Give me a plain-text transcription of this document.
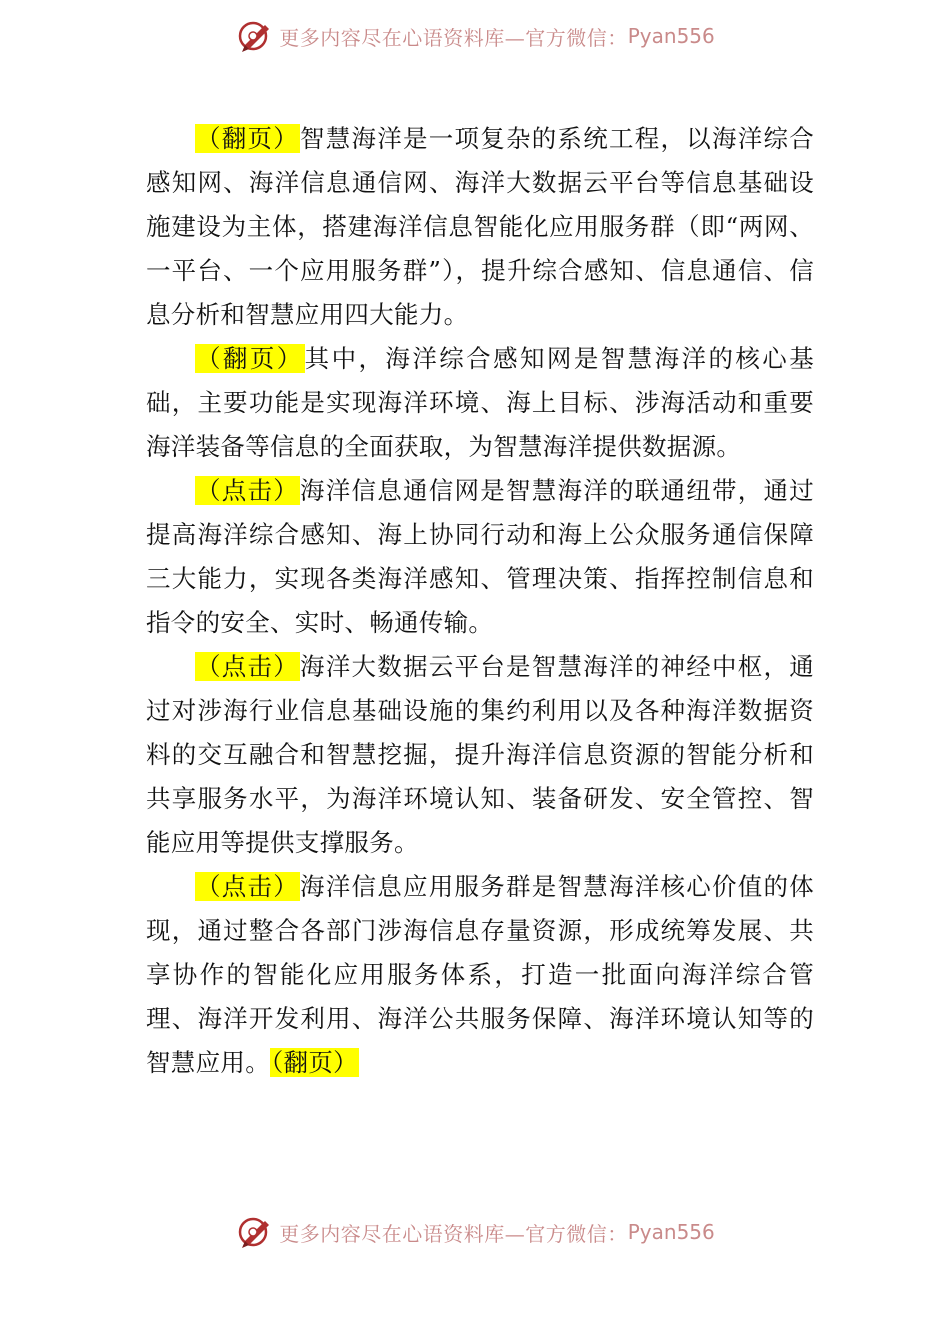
更多内容尽在心语资料库—官方微信： Pyan556

（翻页）智慧海洋是一项复杂的系统工程，以海洋综合感知网、海洋信息通信网、海洋大数据云平台等信息基础设施建设为主体，搭建海洋信息智能化应用服务群（即“两网、一平台、一个应用服务群”），提升综合感知、信息通信、信息分析和智慧应用四大能力。

（翻页）其中，海洋综合感知网是智慧海洋的核心基础，主要功能是实现海洋环境、海上目标、涉海活动和重要海洋装备等信息的全面获取，为智慧海洋提供数据源。

（点击）海洋信息通信网是智慧海洋的联通纽带，通过提高海洋综合感知、海上协同行动和海上公众服务通信保障三大能力，实现各类海洋感知、管理决策、指挥控制信息和指令的安全、实时、畅通传输。

（点击）海洋大数据云平台是智慧海洋的神经中枢，通过对涉海行业信息基础设施的集约利用以及各种海洋数据资料的交互融合和智慧挖掘，提升海洋信息资源的智能分析和共享服务水平，为海洋环境认知、装备研发、安全管控、智能应用等提供支撑服务。

（点击）海洋信息应用服务群是智慧海洋核心价值的体现，通过整合各部门涉海信息存量资源，形成统筹发展、共享协作的智能化应用服务体系，打造一批面向海洋综合管理、海洋开发利用、海洋公共服务保障、海洋环境认知等的智慧应用。（翻页）

更多内容尽在心语资料库—官方微信： Pyan556
